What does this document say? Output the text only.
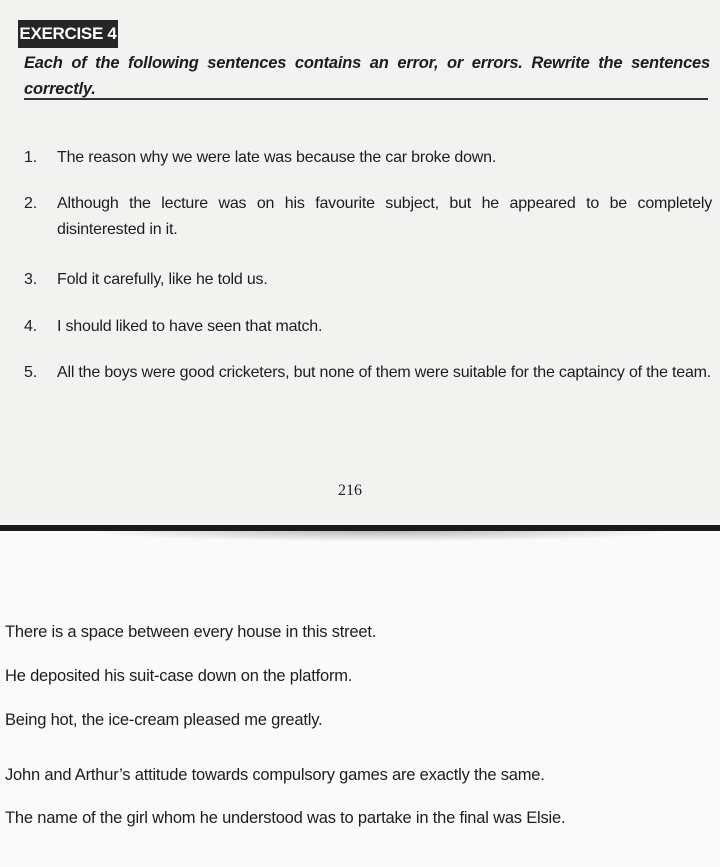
EXERCISE 4
Each of the following sentences contains an error, or errors. Rewrite the sentences correctly.
1. The reason why we were late was because the car broke down.
2. Although the lecture was on his favourite subject, but he appeared to be completely disinterested in it.
3. Fold it carefully, like he told us.
4. I should liked to have seen that match.
5. All the boys were good cricketers, but none of them were suitable for the captaincy of the team.
216
There is a space between every house in this street.
He deposited his suit-case down on the platform.
Being hot, the ice-cream pleased me greatly.
John and Arthur’s attitude towards compulsory games are exactly the same.
The name of the girl whom he understood was to partake in the final was Elsie.
